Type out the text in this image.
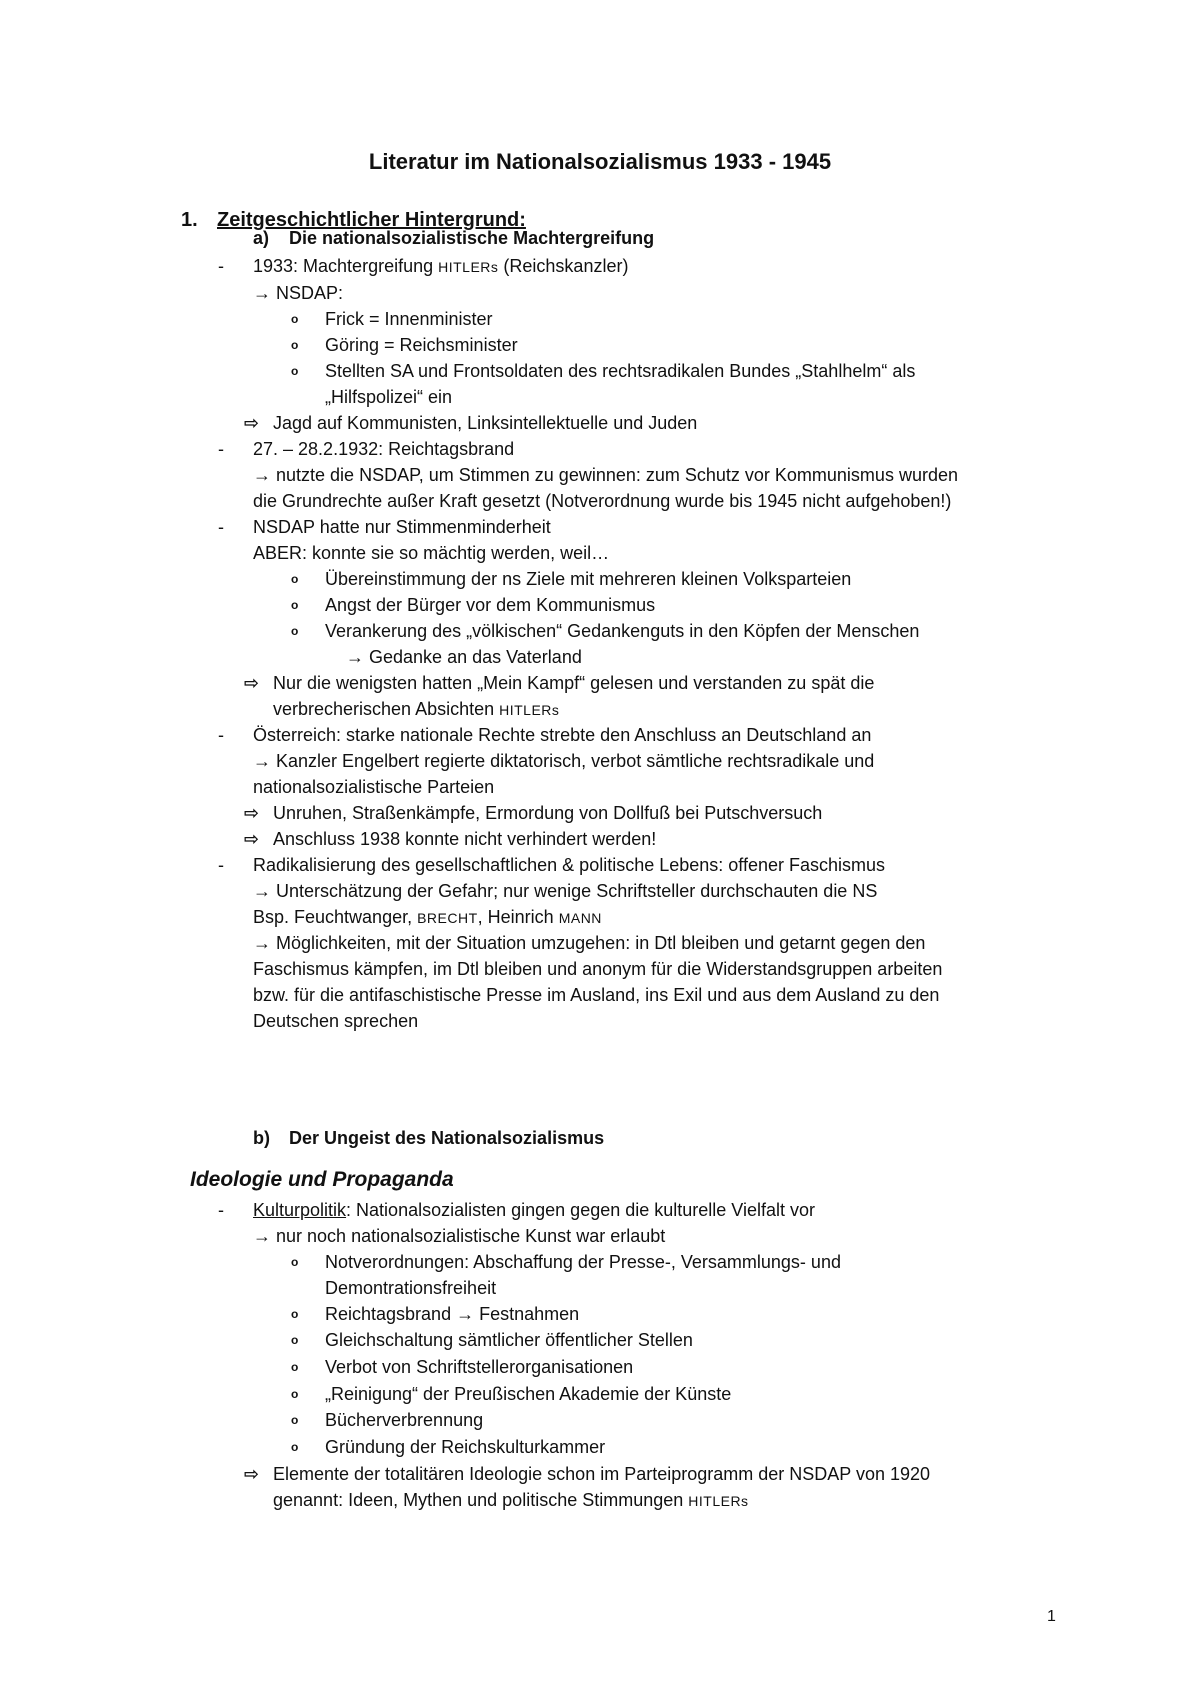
Literatur im Nationalsozialismus 1933 - 1945
1. Zeitgeschichtlicher Hintergrund:
a) Die nationalsozialistische Machtergreifung
- 1933: Machtergreifung HITLERs (Reichskanzler)
→ NSDAP:
o Frick = Innenminister
o Göring = Reichsminister
o Stellten SA und Frontsoldaten des rechtsradikalen Bundes „Stahlhelm“ als
„Hilfspolizei“ ein
⇨ Jagd auf Kommunisten, Linksintellektuelle und Juden
- 27. – 28.2.1932: Reichtagsbrand
→ nutzte die NSDAP, um Stimmen zu gewinnen: zum Schutz vor Kommunismus wurden
die Grundrechte außer Kraft gesetzt (Notverordnung wurde bis 1945 nicht aufgehoben!)
- NSDAP hatte nur Stimmenminderheit
ABER: konnte sie so mächtig werden, weil…
o Übereinstimmung der ns Ziele mit mehreren kleinen Volksparteien
o Angst der Bürger vor dem Kommunismus
o Verankerung des „völkischen“ Gedankenguts in den Köpfen der Menschen
→ Gedanke an das Vaterland
⇨ Nur die wenigsten hatten „Mein Kampf“ gelesen und verstanden zu spät die
verbrecherischen Absichten HITLERs
- Österreich: starke nationale Rechte strebte den Anschluss an Deutschland an
→ Kanzler Engelbert regierte diktatorisch, verbot sämtliche rechtsradikale und
nationalsozialistische Parteien
⇨ Unruhen, Straßenkämpfe, Ermordung von Dollfuß bei Putschversuch
⇨ Anschluss 1938 konnte nicht verhindert werden!
- Radikalisierung des gesellschaftlichen & politische Lebens: offener Faschismus
→ Unterschätzung der Gefahr; nur wenige Schriftsteller durchschauten die NS
Bsp. Feuchtwanger, BRECHT, Heinrich MANN
→ Möglichkeiten, mit der Situation umzugehen: in Dtl bleiben und getarnt gegen den
Faschismus kämpfen, im Dtl bleiben und anonym für die Widerstandsgruppen arbeiten
bzw. für die antifaschistische Presse im Ausland, ins Exil und aus dem Ausland zu den
Deutschen sprechen
b) Der Ungeist des Nationalsozialismus
Ideologie und Propaganda
- Kulturpolitik: Nationalsozialisten gingen gegen die kulturelle Vielfalt vor
→ nur noch nationalsozialistische Kunst war erlaubt
o Notverordnungen: Abschaffung der Presse-, Versammlungs- und
Demontrationsfreiheit
o Reichtagsbrand → Festnahmen
o Gleichschaltung sämtlicher öffentlicher Stellen
o Verbot von Schriftstellerorganisationen
o „Reinigung“ der Preußischen Akademie der Künste
o Bücherverbrennung
o Gründung der Reichskulturkammer
⇨ Elemente der totalitären Ideologie schon im Parteiprogramm der NSDAP von 1920
genannt: Ideen, Mythen und politische Stimmungen HITLERs
1
